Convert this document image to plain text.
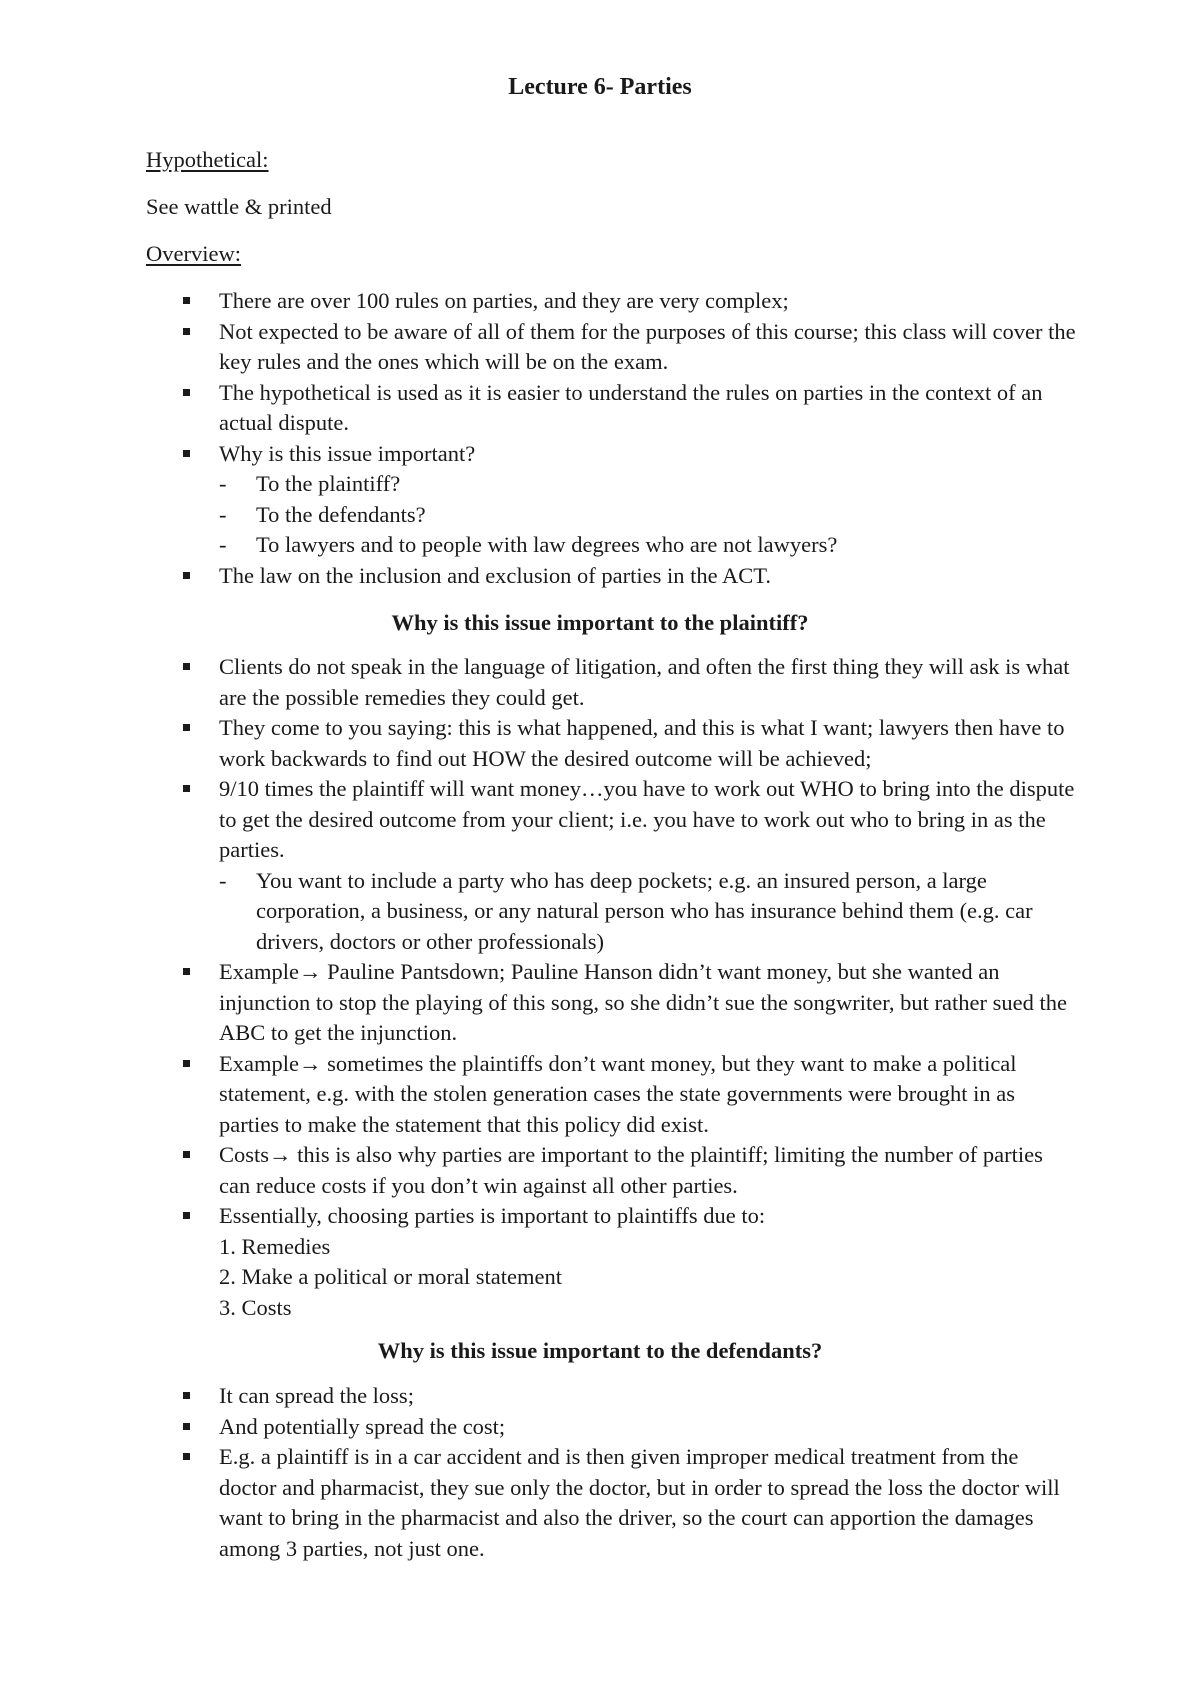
Lecture 6- Parties
Hypothetical:
See wattle & printed
Overview:
There are over 100 rules on parties, and they are very complex;
Not expected to be aware of all of them for the purposes of this course; this class will cover the key rules and the ones which will be on the exam.
The hypothetical is used as it is easier to understand the rules on parties in the context of an actual dispute.
Why is this issue important?
- To the plaintiff?
- To the defendants?
- To lawyers and to people with law degrees who are not lawyers?
The law on the inclusion and exclusion of parties in the ACT.
Why is this issue important to the plaintiff?
Clients do not speak in the language of litigation, and often the first thing they will ask is what are the possible remedies they could get.
They come to you saying: this is what happened, and this is what I want; lawyers then have to work backwards to find out HOW the desired outcome will be achieved;
9/10 times the plaintiff will want money…you have to work out WHO to bring into the dispute to get the desired outcome from your client; i.e. you have to work out who to bring in as the parties.
- You want to include a party who has deep pockets; e.g. an insured person, a large corporation, a business, or any natural person who has insurance behind them (e.g. car drivers, doctors or other professionals)
Example→ Pauline Pantsdown; Pauline Hanson didn’t want money, but she wanted an injunction to stop the playing of this song, so she didn’t sue the songwriter, but rather sued the ABC to get the injunction.
Example→ sometimes the plaintiffs don’t want money, but they want to make a political statement, e.g. with the stolen generation cases the state governments were brought in as parties to make the statement that this policy did exist.
Costs→ this is also why parties are important to the plaintiff; limiting the number of parties can reduce costs if you don’t win against all other parties.
Essentially, choosing parties is important to plaintiffs due to:
1. Remedies
2. Make a political or moral statement
3. Costs
Why is this issue important to the defendants?
It can spread the loss;
And potentially spread the cost;
E.g. a plaintiff is in a car accident and is then given improper medical treatment from the doctor and pharmacist, they sue only the doctor, but in order to spread the loss the doctor will want to bring in the pharmacist and also the driver, so the court can apportion the damages among 3 parties, not just one.
